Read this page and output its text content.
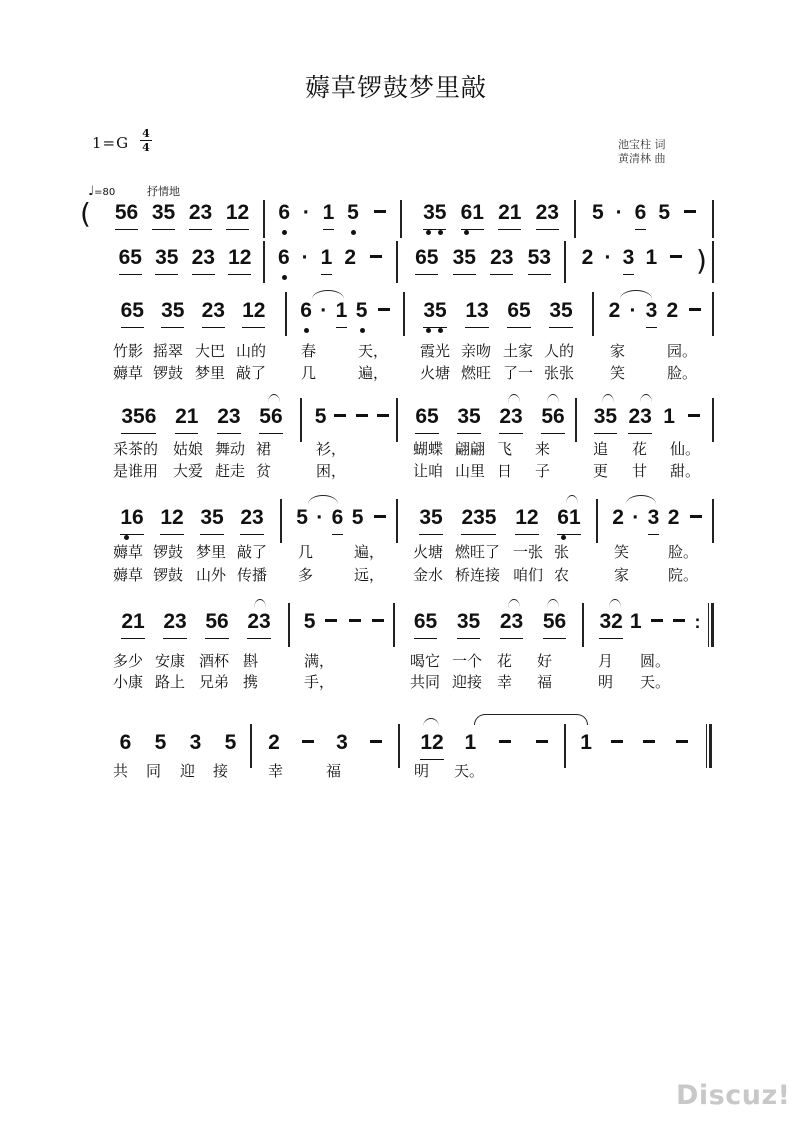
薅草锣鼓梦里敲
1=G
4
4	池宝柱 词
黄清林 曲
♩=80	抒情地
( 56 35 23 12 6 · 1 5	35 61 21 23 5 · 6 5
65 35 23 12 6 · 1 2	65 35 23 53 2 · 3 1 )
65 35 23 12 6 · 1 5	35 13 65 35 2 · 3 2
竹影 摇翠 大巴 山的 春	天， 霞光 亲吻 土家 人的 家	园。
薅草 锣鼓 梦里 敲了 几	遍， 火塘 燃旺 了一 张张 笑	脸。
356 21 23 56 5	65 35 23 56 35 23 1
采茶的 姑娘 舞动 裙	衫，	蝴蝶 翩翩 飞 来	追 花 仙。
是谁用 大爱 赶走 贫	困，	让咱 山里 日 子	更 甘 甜。
16 12 35 23 5 · 6 5	35 235 12 61 2 · 3 2
薅草 锣鼓 梦里 敲了 几	遍， 火塘 燃旺了 一张 张	笑	脸。
薅草 锣鼓 山外 传播 多	远， 金水 桥连接 咱们 农	家	院。
21 23 56 23 5	65 35 23 56 32 1	:
多少 安康 酒杯 斟	满，	喝它 一个 花 好	月 圆。
小康 路上 兄弟 携	手，	共同 迎接 幸 福	明 天。
6 5 3 5 2	3	12 1	1
共 同 迎 接	幸	福	明 天。
Discuz!
